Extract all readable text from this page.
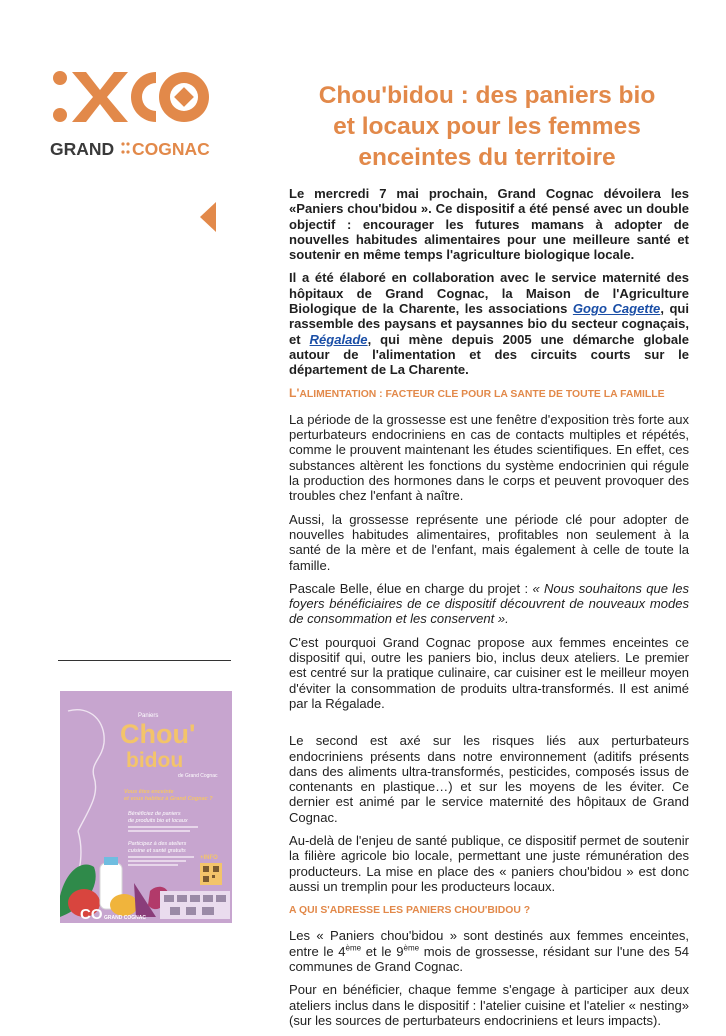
GRAND COGNAC
Chou'bidou : des paniers bio
et locaux pour les femmes
enceintes du territoire

Le mercredi 7 mai prochain, Grand Cognac dévoilera les «Paniers chou'bidou ». Ce dispositif a été pensé avec un double objectif : encourager les futures mamans à adopter de nouvelles habitudes alimentaires pour une meilleure santé et soutenir en même temps l'agriculture biologique locale.

Il a été élaboré en collaboration avec le service maternité des hôpitaux de Grand Cognac, la Maison de l'Agriculture Biologique de la Charente, les associations Gogo Cagette, qui rassemble des paysans et paysannes bio du secteur cognaçais, et Régalade, qui mène depuis 2005 une démarche globale autour de l'alimentation et des circuits courts sur le département de La Charente.

L'ALIMENTATION : FACTEUR CLE POUR LA SANTE DE TOUTE LA FAMILLE

La période de la grossesse est une fenêtre d'exposition très forte aux perturbateurs endocriniens en cas de contacts multiples et répétés, comme le prouvent maintenant les études scientifiques. En effet, ces substances altèrent les fonctions du système endocrinien qui régule la production des hormones dans le corps et peuvent provoquer des troubles chez l'enfant à naître.

Aussi, la grossesse représente une période clé pour adopter de nouvelles habitudes alimentaires, profitables non seulement à la santé de la mère et de l'enfant, mais également à celle de toute la famille.

Pascale Belle, élue en charge du projet : « Nous souhaitons que les foyers bénéficiaires de ce dispositif découvrent de nouveaux modes de consommation et les conservent ».

C'est pourquoi Grand Cognac propose aux femmes enceintes ce dispositif qui, outre les paniers bio, inclus deux ateliers. Le premier est centré sur la pratique culinaire, car cuisiner est le meilleur moyen d'éviter la consommation de produits ultra-transformés. Il est animé par la Régalade.

Le second est axé sur les risques liés aux perturbateurs endocriniens présents dans notre environnement (aditifs présents dans des aliments ultra-transformés, pesticides, composés issus de contenants en plastique…) et sur les moyens de les éviter. Ce dernier est animé par le service maternité des hôpitaux de Grand Cognac.

Au-delà de l'enjeu de santé publique, ce dispositif permet de soutenir la filière agricole bio locale, permettant une juste rémunération des producteurs. La mise en place des « paniers chou'bidou » est donc aussi un tremplin pour les producteurs locaux.

A QUI S'ADRESSE LES PANIERS CHOU'BIDOU ?

Les « Paniers chou'bidou » sont destinés aux femmes enceintes, entre le 4ème et le 9ème mois de grossesse, résidant sur l'une des 54 communes de Grand Cognac.

Pour en bénéficier, chaque femme s'engage à participer aux deux ateliers inclus dans le dispositif : l'atelier cuisine et l'atelier « nesting» (sur les sources de perturbateurs endocriniens et leurs impacts).

Paniers
Chou'
bidou
de Grand Cognac
Vous êtes enceinte
et vous habitez à Grand Cognac ?
Bénéficiez de paniers
de produits bio et locaux
Participez à des ateliers
cuisine et santé gratuits
+INFO
CO GRAND COGNAC
